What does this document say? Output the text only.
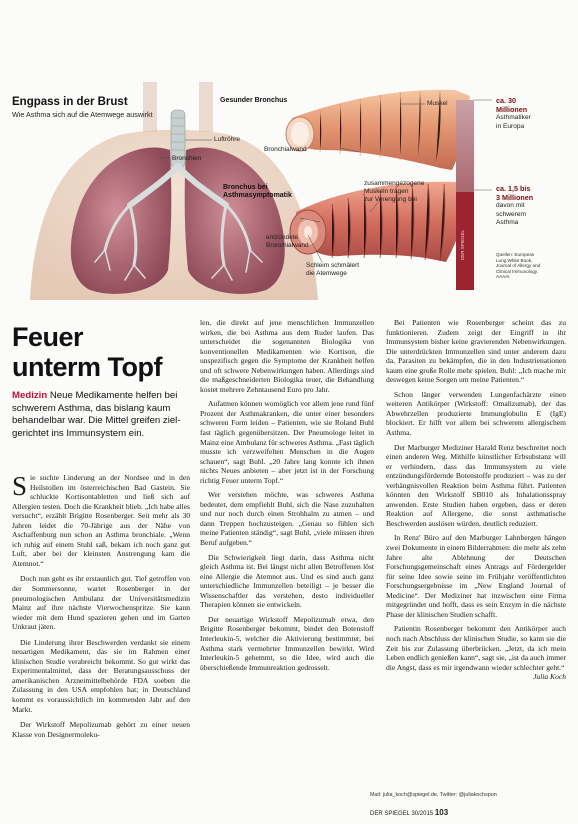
Engpass in der Brust
Wie Asthma sich auf die Atemwege auswirkt
Luftröhre
Bronchien
Gesunder Bronchus	Muskel
Bronchialwand
Bronchus bei
Asthmasymptomatik
zusammengezogene
Muskeln tragen
zur Verengung bei
entzündete
Bronchialwand
Schleim schmälert
die Atemwege
ca. 30
Millionen
Asthmatiker
in Europa
ca. 1,5 bis
3 Millionen
davon mit
schwerem
Asthma
Quellen: European
Lung White Book,
Journal of Allergy and
Clinical Immunology,
AAAAI
DER SPIEGEL
Feuer
unterm Topf
Medizin Neue Medikamente helfen bei schwerem Asthma, das bislang kaum behandelbar war. Die Mittel greifen zielgerichtet ins Immunsystem ein.

Sie suchte Linderung an der Nordsee und in den Heilstollen im österreichischen Bad Gastein. Sie schluckte Kortisontabletten und ließ sich auf Allergien testen. Doch die Krankheit blieb. „Ich habe alles versucht“, erzählt Brigitte Rosenberger. Seit mehr als 30 Jahren leidet die 70-Jährige aus der Nähe von Aschaffenburg nun schon an Asthma bronchiale. „Wenn ich ruhig auf einem Stuhl saß, bekam ich noch ganz gut Luft, aber bei der kleinsten Anstrengung kam die Atemnot.“

Doch nun geht es ihr erstaunlich gut. Tief getroffen von der Sommersonne, wartet Rosenberger in der pneumologischen Ambulanz der Universitätsmedizin Mainz auf ihre nächste Vierwochenspritze. Sie kann wieder mit dem Hund spazieren gehen und im Garten Unkraut jäten.

Die Linderung ihrer Beschwerden verdankt sie einem neuartigen Medikament, das sie im Rahmen einer klinischen Studie verabreicht bekommt. So gut wirkt das Experimentalmittel, dass der Beratungsausschuss der amerikanischen Arzneimittelbehörde FDA soeben die Zulassung in den USA empfohlen hat; in Deutschland kommt es voraussichtlich im kommenden Jahr auf den Markt.

Der Wirkstoff Mepolizumab gehört zu einer neuen Klasse von Designermoleku-

len, die direkt auf jene menschlichen Immunzellen wirken, die bei Asthma aus dem Ruder laufen. Das unterscheidet die sogenannten Biologika von konventionellen Medikamenten wie Kortison, die unspezifisch gegen die Symptome der Krankheit helfen und oft schwere Nebenwirkungen haben. Allerdings sind die maßgeschneiderten Biologika teuer, die Behandlung kostet mehrere Zehntausend Euro pro Jahr.

Aufatmen können womöglich vor allem jene rund fünf Prozent der Asthmakranken, die unter einer besonders schweren Form leiden – Patienten, wie sie Roland Buhl fast täglich gegenübersitzen. Der Pneumologe leitet in Mainz eine Ambulanz für schweres Asthma. „Fast täglich musste ich verzweifelten Menschen in die Augen schauen“, sagt Buhl. „20 Jahre lang konnte ich ihnen nichts Neues anbieten – aber jetzt ist in der Forschung richtig Feuer unterm Topf.“

Wer verstehen möchte, was schweres Asthma bedeutet, dem empfiehlt Buhl, sich die Nase zuzuhalten und nur noch durch einen Strohhalm zu atmen – und dann Treppen hochzusteigen. „Genau so fühlen sich meine Patienten ständig“, sagt Buhl, „viele müssen ihren Beruf aufgeben.“

Die Schwierigkeit liegt darin, dass Asthma nicht gleich Asthma ist. Bei längst nicht allen Betroffenen löst eine Allergie die Atemnot aus. Und es sind auch ganz unterschiedliche Immunzellen beteiligt – je besser die Wissenschaftler das verstehen, desto individueller Therapien können sie entwickeln.

Der neuartige Wirkstoff Mepolizumab etwa, den Brigitte Rosenberger bekommt, bindet den Botenstoff Interleukin-5, welcher die Aktivierung bestimmter, bei Asthma stark vermehrter Immunzellen bewirkt. Wird Interleukin-5 gehemmt, so die Idee, wird auch die überschießende Immunreaktion gedrosselt.

Bei Patienten wie Rosenberger scheint das zu funktionieren. Zudem zeigt der Eingriff in ihr Immunsystem bisher keine gravierenden Nebenwirkungen. Die unterdrückten Immunzellen sind unter anderem dazu da, Parasiten zu bekämpfen, die in den Industrienationen kaum eine große Rolle mehr spielen. Buhl: „Ich mache mir deswegen keine Sorgen um meine Patienten.“

Schon länger verwenden Lungenfachärzte einen weiteren Antikörper (Wirkstoff: Omalizumab), der das Abwehrzellen produzierte Immunglobulin E (IgE) blockiert. Er hilft vor allem bei schwerem allergischem Asthma.

Der Marburger Mediziner Harald Renz beschreitet noch einen anderen Weg. Mithilfe künstlicher Erbsubstanz will er verhindern, dass das Immunsystem zu viele entzündungsfördernde Botenstoffe produziert – was zu der verhängnisvollen Reaktion beim Asthma führt. Patienten könnten den Wirkstoff SB010 als Inhalationsspray anwenden. Erste Studien haben ergeben, dass er deren Reaktion auf Allergene, die sonst asthmatische Beschwerden auslösen würden, deutlich reduziert.

In Renz' Büro auf den Marburger Lahnbergen hängen zwei Dokumente in einem Bilderrahmen: die mehr als zehn Jahre alte Ablehnung der Deutschen Forschungsgemeinschaft eines Antrags auf Fördergelder für seine Idee sowie seine im Frühjahr veröffentlichten Forschungsergebnisse im „New England Journal of Medicine“. Der Mediziner hat inzwischen eine Firma mitgegründet und hofft, dass es sein Enzym in die nächste Phase der klinischen Studien schafft.

Patientin Rosenberger bekommt den Antikörper auch noch nach Abschluss der klinischen Studie, so kann sie die Zeit bis zur Zulassung überbrücken. „Jetzt, da ich mein Leben endlich genießen kann“, sagt sie, „ist da auch immer die Angst, dass es mir irgendwann wieder schlechter geht.“

Julia Koch
Mail: julia_koch@spiegel.de, Twitter: @juliakochspon
DER SPIEGEL 30/2015 103
